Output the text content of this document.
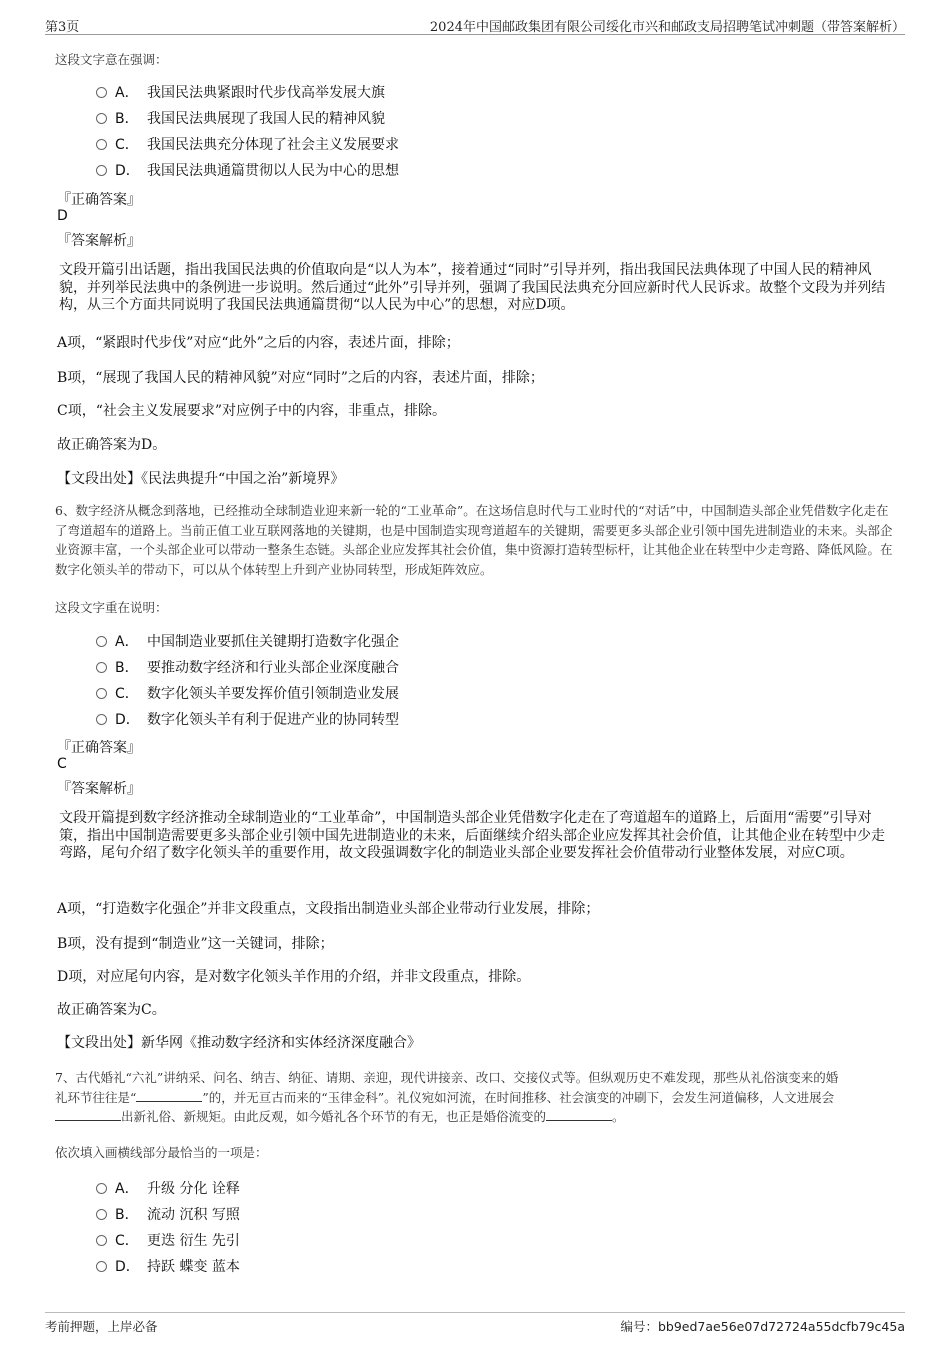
第3页	2024年中国邮政集团有限公司绥化市兴和邮政支局招聘笔试冲刺题（带答案解析）
这段文字意在强调：
A． 我国民法典紧跟时代步伐高举发展大旗
B． 我国民法典展现了我国人民的精神风貌
C． 我国民法典充分体现了社会主义发展要求
D． 我国民法典通篇贯彻以人民为中心的思想
『正确答案』
D
『答案解析』
文段开篇引出话题，指出我国民法典的价值取向是“以人为本”，接着通过“同时”引导并列，指出我国民法典体现了中国人民的精神风貌，并列举民法典中的条例进一步说明。然后通过“此外”引导并列，强调了我国民法典充分回应新时代人民诉求。故整个文段为并列结构，从三个方面共同说明了我国民法典通篇贯彻“以人民为中心”的思想，对应D项。
A项，“紧跟时代步伐”对应“此外”之后的内容，表述片面，排除；
B项，“展现了我国人民的精神风貌”对应“同时”之后的内容，表述片面，排除；
C项，“社会主义发展要求”对应例子中的内容，非重点，排除。
故正确答案为D。
【文段出处】《民法典提升“中国之治”新境界》
6、数字经济从概念到落地，已经推动全球制造业迎来新一轮的“工业革命”。在这场信息时代与工业时代的“对话”中，中国制造头部企业凭借数字化走在了弯道超车的道路上。当前正值工业互联网落地的关键期，也是中国制造实现弯道超车的关键期，需要更多头部企业引领中国先进制造业的未来。头部企业资源丰富，一个头部企业可以带动一整条生态链。头部企业应发挥其社会价值，集中资源打造转型标杆，让其他企业在转型中少走弯路、降低风险。在数字化领头羊的带动下，可以从个体转型上升到产业协同转型，形成矩阵效应。
这段文字重在说明：
A． 中国制造业要抓住关键期打造数字化强企
B． 要推动数字经济和行业头部企业深度融合
C． 数字化领头羊要发挥价值引领制造业发展
D． 数字化领头羊有利于促进产业的协同转型
『正确答案』
C
『答案解析』
文段开篇提到数字经济推动全球制造业的“工业革命”，中国制造头部企业凭借数字化走在了弯道超车的道路上，后面用“需要”引导对策，指出中国制造需要更多头部企业引领中国先进制造业的未来，后面继续介绍头部企业应发挥其社会价值，让其他企业在转型中少走弯路，尾句介绍了数字化领头羊的重要作用，故文段强调数字化的制造业头部企业要发挥社会价值带动行业整体发展，对应C项。
A项，“打造数字化强企”并非文段重点，文段指出制造业头部企业带动行业发展，排除；
B项，没有提到“制造业”这一关键词，排除；
D项，对应尾句内容，是对数字化领头羊作用的介绍，并非文段重点，排除。
故正确答案为C。
【文段出处】新华网《推动数字经济和实体经济深度融合》
7、古代婚礼“六礼”讲纳采、问名、纳吉、纳征、请期、亲迎，现代讲接亲、改口、交接仪式等。但纵观历史不难发现，那些从礼俗演变来的婚
礼环节往往是“	”的，并无亘古而来的“玉律金科”。礼仪宛如河流，在时间推移、社会演变的冲刷下，会发生河道偏移，人文进展会
出新礼俗、新规矩。由此反观，如今婚礼各个环节的有无，也正是婚俗流变的	。
依次填入画横线部分最恰当的一项是：
A． 升级 分化 诠释
B． 流动 沉积 写照
C． 更迭 衍生 先引
D． 持跃 蝶变 蓝本
考前押题，上岸必备	编号：bb9ed7ae56e07d72724a55dcfb79c45a
